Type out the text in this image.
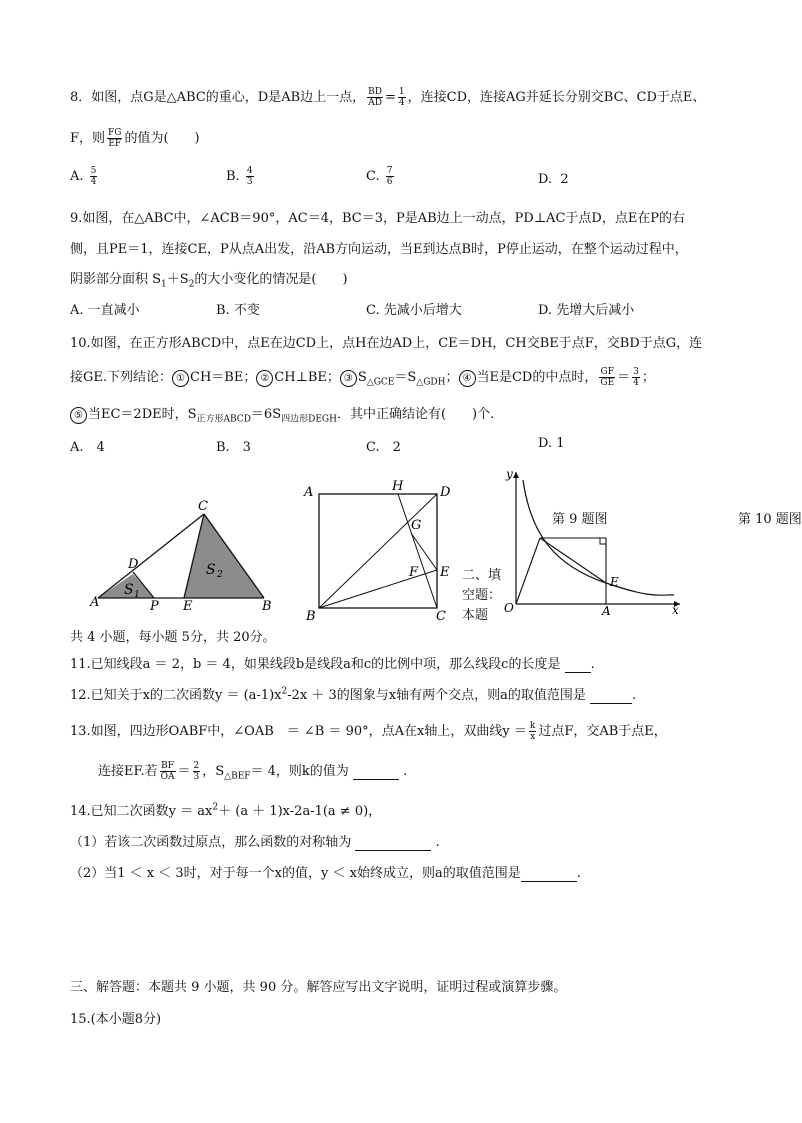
8．如图，点G是△ABC的重心，D是AB边上一点， $\frac{BD}{AD} = \frac{1}{4}$ ，连接CD，连接AG并延长分别交BC、CD于点E、
F，则 $\frac{FG}{EF}$ 的值为(　　)
A. $\frac{5}{4}$	B. $\frac{4}{3}$	C. $\frac{7}{6}$	D. 2
9.如图，在△ABC中，∠ACB＝90°，AC＝4，BC＝3，P是AB边上一动点，PD⊥AC于点D，点E在P的右
侧，且PE＝1，连接CE，P从点A出发，沿AB方向运动，当E到达点B时，P停止运动，在整个运动过程中，
阴影部分面积 $S_1+S_2$的大小变化的情况是(　　)
A. 一直减小	B. 不变	C. 先减小后增大	D. 先增大后减小
10.如图，在正方形ABCD中，点E在边CD上，点H在边AD上，CE＝DH，CH交BE于点F，交BD于点G，连
接GE.下列结论： ① CH＝BE； ② CH⊥BE； ③ $S_{\triangle GCE}=S_{\triangle GDH}$； ④ 当E是CD的中点时， $\frac{GF}{GE} = \frac{3}{4}$ ；
⑤ 当EC＝2DE时，$S_{正方形ABCD}=6S_{四边形DEGH}$．其中正确结论有(　　)个.
A.　4	B.　3	C.　2	D. 1
A
D
C
S 1
P E
S 2
B
A	H	D
G
F E
B	C
二、填
空题：
本题
y
O	A
E
x
第 9 题图	第 10 题图
共 4 小题，每小题 5分，共 20分。
11.已知线段a ＝ 2，b ＝ 4，如果线段b是线段a和c的比例中项，那么线段c的长度是 .
12.已知关于x的二次函数$y = (a-1)x^2-2x + 3$的图象与x轴有两个交点，则a的取值范围是	.
13.如图，四边形OABF中，∠OAB　＝ ∠B ＝ 90°，点A在x轴上，双曲线$y = \frac{k}{x}$ 过点F，交AB于点E，
连接EF.若 $\frac{BF}{OA} = \frac{2}{3}$ ，$S_{\triangle BEF}= 4$，则k的值为	.
14.已知二次函数$y = ax^2+ (a + 1)x-2a-1(a \ne 0)$，
（1）若该二次函数过原点，那么函数的对称轴为	.
（2）当1 ＜ x ＜ 3时，对于每一个x的值，y ＜ x始终成立，则a的取值范围是	.
三、解答题：本题共 9 小题，共 90 分。解答应写出文字说明，证明过程或演算步骤。
15.(本小题8分)
